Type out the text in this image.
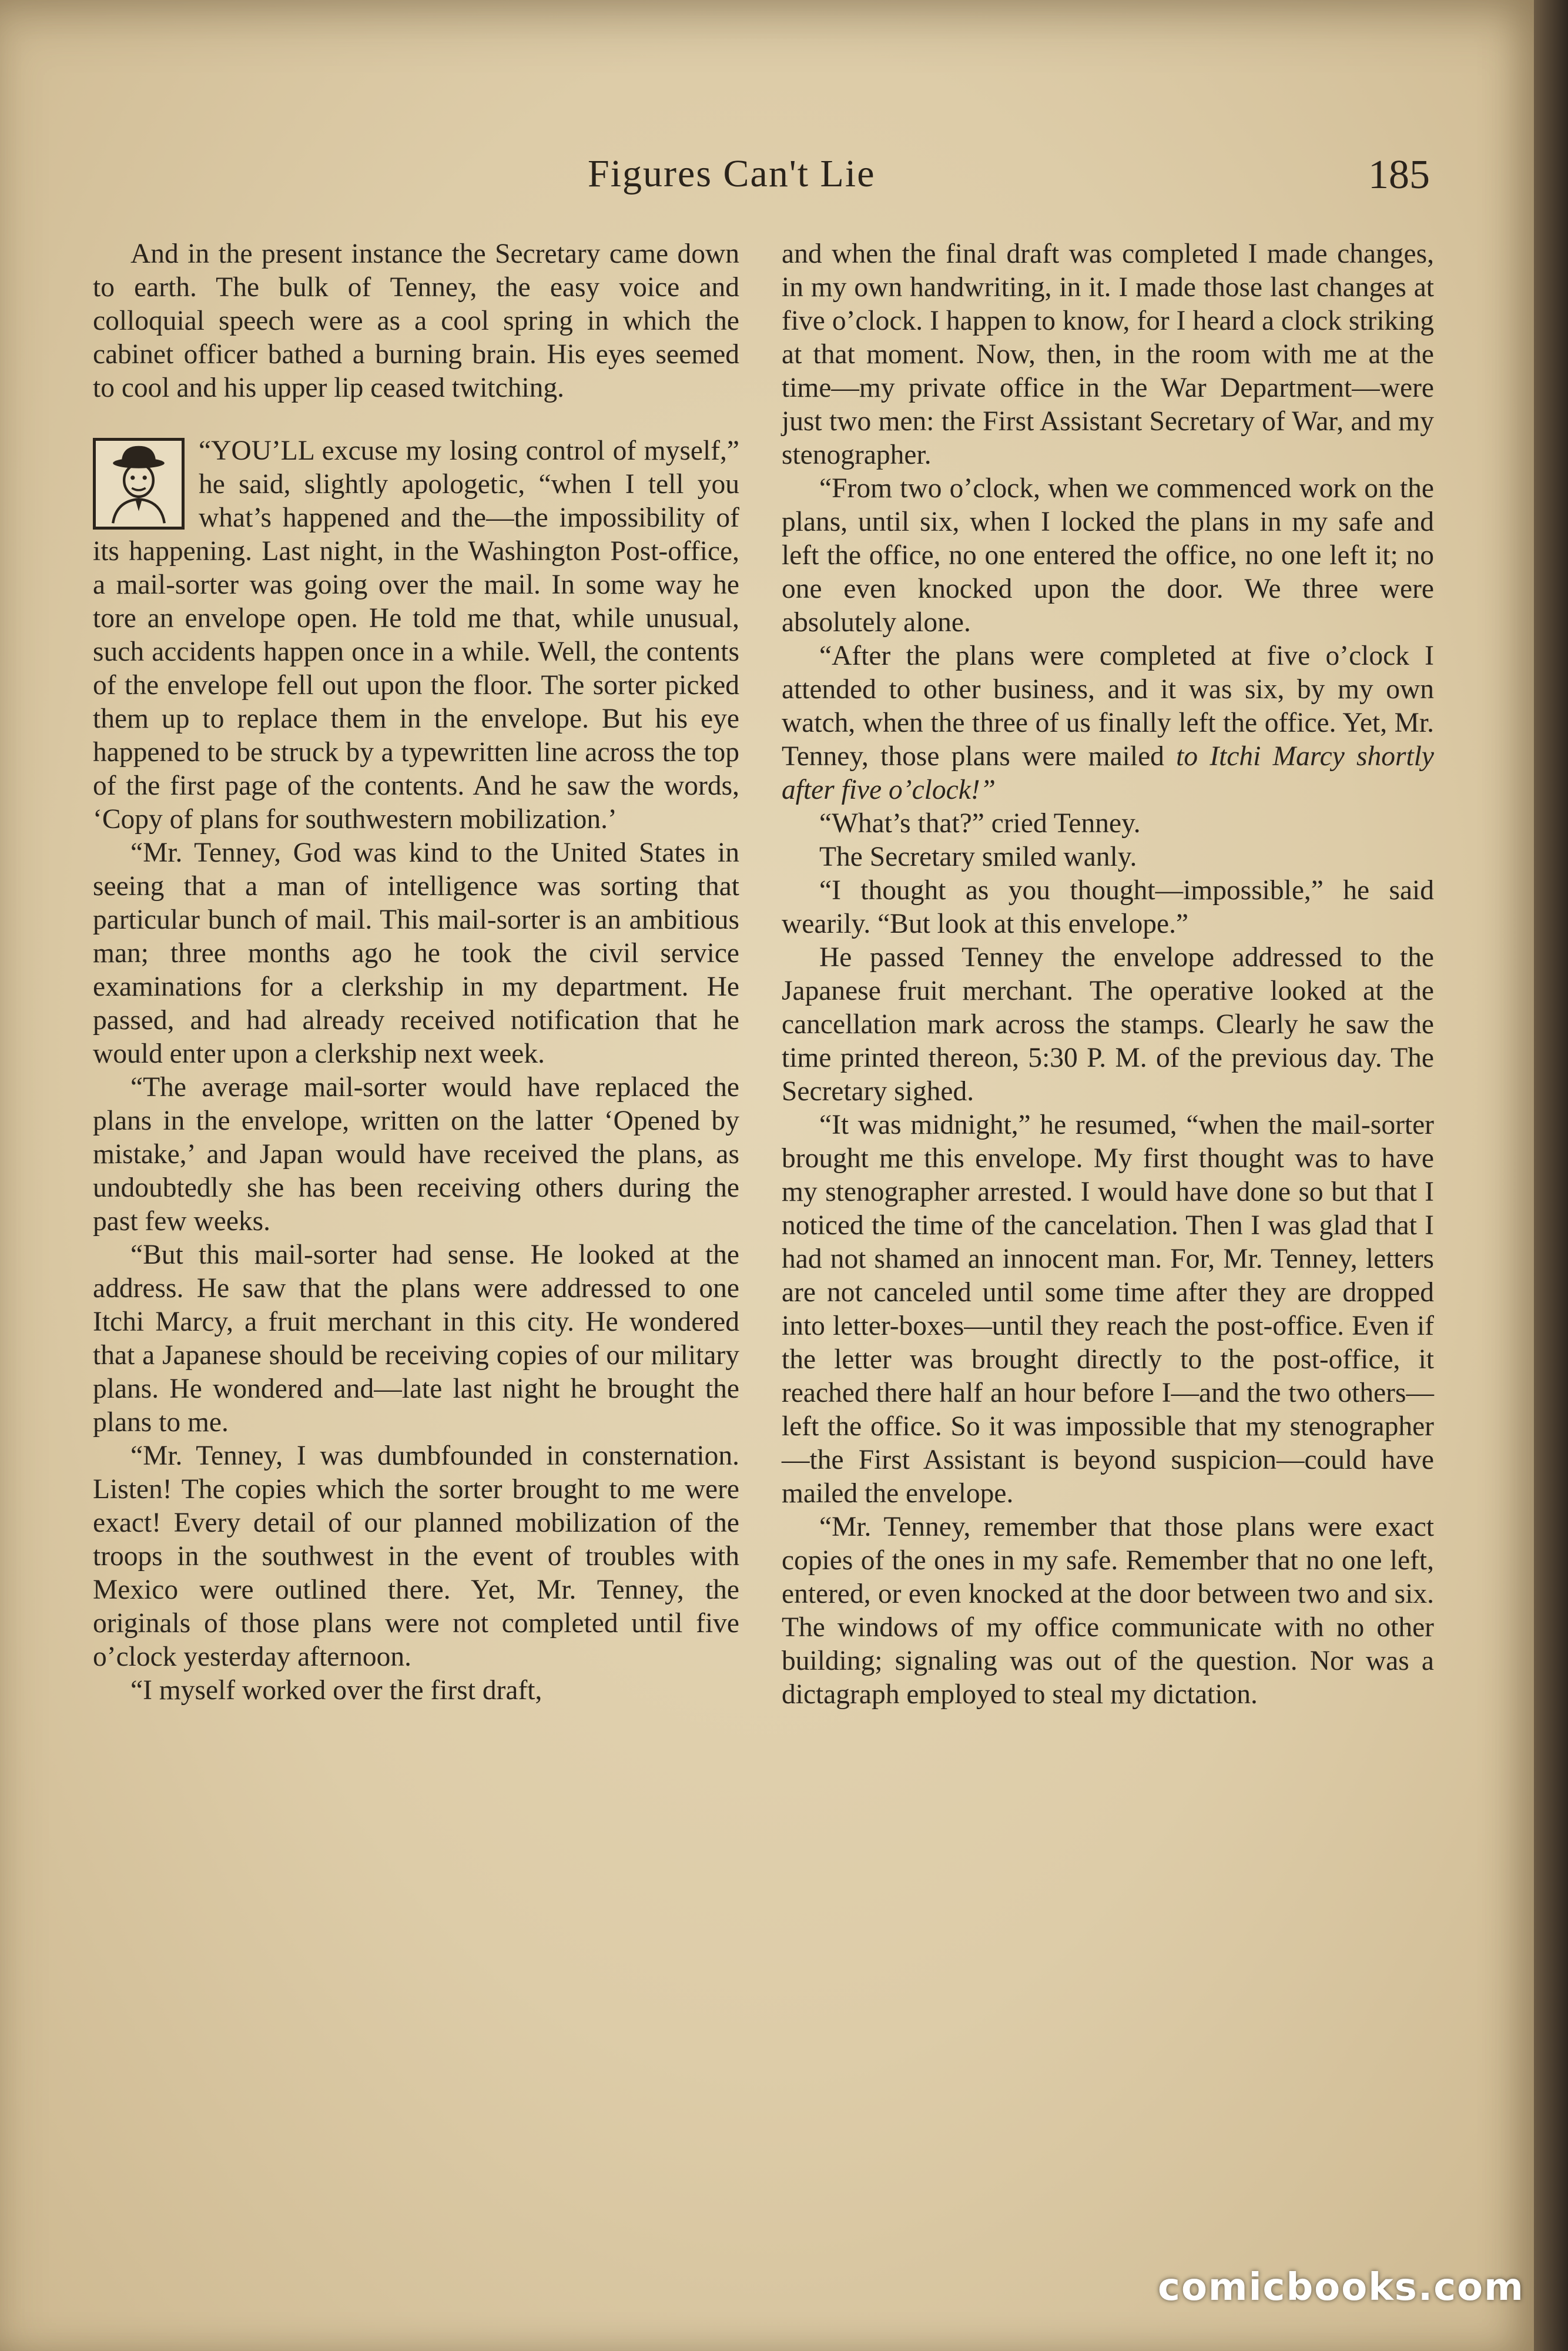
Figures Can't Lie	185

And in the present instance the Secretary came down to earth. The bulk of Tenney, the easy voice and colloquial speech were as a cool spring in which the cabinet officer bathed a burning brain. His eyes seemed to cool and his upper lip ceased twitching.

“YOU’LL excuse my losing control of myself,” he said, slightly apologetic, “when I tell you what’s happened and the—the impossibility of its happening. Last night, in the Washington Post-office, a mail-sorter was going over the mail. In some way he tore an envelope open. He told me that, while unusual, such accidents happen once in a while. Well, the contents of the envelope fell out upon the floor. The sorter picked them up to replace them in the envelope. But his eye happened to be struck by a typewritten line across the top of the first page of the contents. And he saw the words, ‘Copy of plans for southwestern mobilization.’

“Mr. Tenney, God was kind to the United States in seeing that a man of intelligence was sorting that particular bunch of mail. This mail-sorter is an ambitious man; three months ago he took the civil service examinations for a clerkship in my department. He passed, and had already received notification that he would enter upon a clerkship next week.

“The average mail-sorter would have replaced the plans in the envelope, written on the latter ‘Opened by mistake,’ and Japan would have received the plans, as undoubtedly she has been receiving others during the past few weeks.

“But this mail-sorter had sense. He looked at the address. He saw that the plans were addressed to one Itchi Marcy, a fruit merchant in this city. He wondered that a Japanese should be receiving copies of our military plans. He wondered and—late last night he brought the plans to me.

“Mr. Tenney, I was dumbfounded in consternation. Listen! The copies which the sorter brought to me were exact! Every detail of our planned mobilization of the troops in the southwest in the event of troubles with Mexico were outlined there. Yet, Mr. Tenney, the originals of those plans were not completed until five o’clock yesterday afternoon.

“I myself worked over the first draft,

and when the final draft was completed I made changes, in my own handwriting, in it. I made those last changes at five o’clock. I happen to know, for I heard a clock striking at that moment. Now, then, in the room with me at the time—my private office in the War Department—were just two men: the First Assistant Secretary of War, and my stenographer.

“From two o’clock, when we commenced work on the plans, until six, when I locked the plans in my safe and left the office, no one entered the office, no one left it; no one even knocked upon the door. We three were absolutely alone.

“After the plans were completed at five o’clock I attended to other business, and it was six, by my own watch, when the three of us finally left the office. Yet, Mr. Tenney, those plans were mailed to Itchi Marcy shortly after five o’clock!”

“What’s that?” cried Tenney.

The Secretary smiled wanly.

“I thought as you thought—impossible,” he said wearily. “But look at this envelope.”

He passed Tenney the envelope addressed to the Japanese fruit merchant. The operative looked at the cancellation mark across the stamps. Clearly he saw the time printed thereon, 5:30 P. M. of the previous day. The Secretary sighed.

“It was midnight,” he resumed, “when the mail-sorter brought me this envelope. My first thought was to have my stenographer arrested. I would have done so but that I noticed the time of the cancelation. Then I was glad that I had not shamed an innocent man. For, Mr. Tenney, letters are not canceled until some time after they are dropped into letter-boxes—until they reach the post-office. Even if the letter was brought directly to the post-office, it reached there half an hour before I—and the two others—left the office. So it was impossible that my stenographer—the First Assistant is beyond suspicion—could have mailed the envelope.

“Mr. Tenney, remember that those plans were exact copies of the ones in my safe. Remember that no one left, entered, or even knocked at the door between two and six. The windows of my office communicate with no other building; signaling was out of the question. Nor was a dictagraph employed to steal my dictation.

comicbooks.com
